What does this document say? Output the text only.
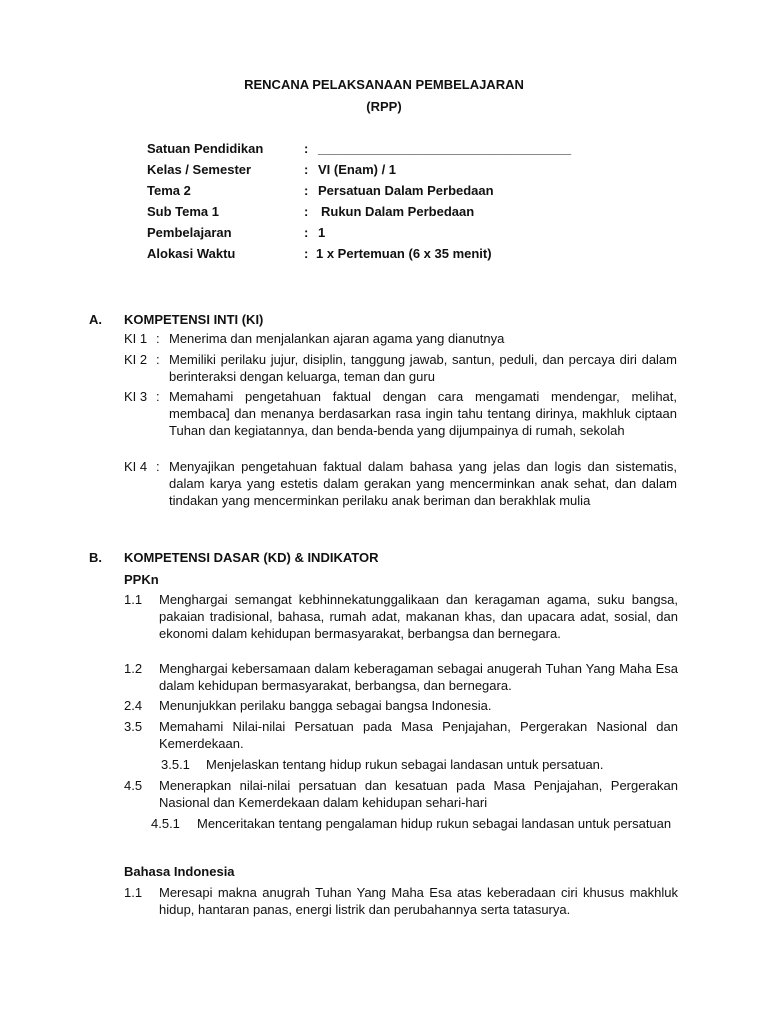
RENCANA PELAKSANAAN PEMBELAJARAN
(RPP)
Satuan Pendidikan	: ___________________________________
Kelas / Semester	: VI (Enam) / 1
Tema 2	: Persatuan Dalam Perbedaan
Sub Tema 1	: Rukun Dalam Perbedaan
Pembelajaran	: 1
Alokasi Waktu	: 1 x Pertemuan (6 x 35 menit)
A. KOMPETENSI INTI (KI)
KI 1 : Menerima dan menjalankan ajaran agama yang dianutnya
KI 2 : Memiliki perilaku jujur, disiplin, tanggung jawab, santun, peduli, dan percaya diri dalam berinteraksi dengan keluarga, teman dan guru
KI 3 : Memahami pengetahuan faktual dengan cara mengamati mendengar, melihat, membaca] dan menanya berdasarkan rasa ingin tahu tentang dirinya, makhluk ciptaan Tuhan dan kegiatannya, dan benda-benda yang dijumpainya di rumah, sekolah
KI 4 : Menyajikan pengetahuan faktual dalam bahasa yang jelas dan logis dan sistematis, dalam karya yang estetis dalam gerakan yang mencerminkan anak sehat, dan dalam tindakan yang mencerminkan perilaku anak beriman dan berakhlak mulia
B. KOMPETENSI DASAR (KD) & INDIKATOR
PPKn
1.1 Menghargai semangat kebhinnekatunggalikaan dan keragaman agama, suku bangsa, pakaian tradisional, bahasa, rumah adat, makanan khas, dan upacara adat, sosial, dan ekonomi dalam kehidupan bermasyarakat, berbangsa dan bernegara.
1.2 Menghargai kebersamaan dalam keberagaman sebagai anugerah Tuhan Yang Maha Esa dalam kehidupan bermasyarakat, berbangsa, dan bernegara.
2.4 Menunjukkan perilaku bangga sebagai bangsa Indonesia.
3.5 Memahami Nilai-nilai Persatuan pada Masa Penjajahan, Pergerakan Nasional dan Kemerdekaan.
3.5.1 Menjelaskan tentang hidup rukun sebagai landasan untuk persatuan.
4.5 Menerapkan nilai-nilai persatuan dan kesatuan pada Masa Penjajahan, Pergerakan Nasional dan Kemerdekaan dalam kehidupan sehari-hari
4.5.1 Menceritakan tentang pengalaman hidup rukun sebagai landasan untuk persatuan
Bahasa Indonesia
1.1 Meresapi makna anugrah Tuhan Yang Maha Esa atas keberadaan ciri khusus makhluk hidup, hantaran panas, energi listrik dan perubahannya serta tatasurya.
